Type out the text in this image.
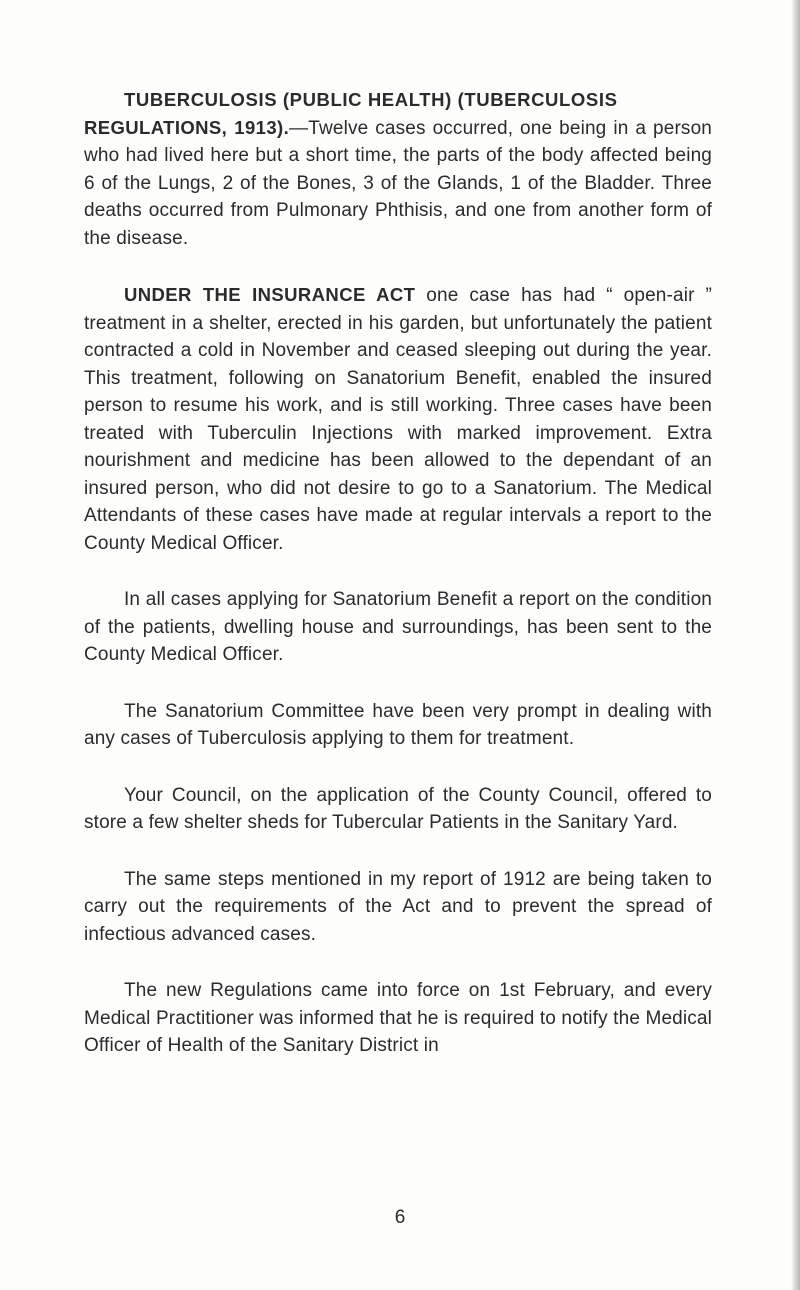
TUBERCULOSIS (PUBLIC HEALTH) (TUBERCULOSIS
REGULATIONS, 1913).—Twelve cases occurred, one being in a person who had lived here but a short time, the parts of the body affected being 6 of the Lungs, 2 of the Bones, 3 of the Glands, 1 of the Bladder. Three deaths occurred from Pulmonary Phthisis, and one from another form of the disease.

UNDER THE INSURANCE ACT one case has had “ open-air ” treatment in a shelter, erected in his garden, but unfortunately the patient contracted a cold in November and ceased sleeping out during the year. This treatment, following on Sanatorium Benefit, enabled the insured person to resume his work, and is still working. Three cases have been treated with Tuberculin Injections with marked improvement. Extra nourishment and medicine has been allowed to the dependant of an insured person, who did not desire to go to a Sanatorium. The Medical Attendants of these cases have made at regular intervals a report to the County Medical Officer.

In all cases applying for Sanatorium Benefit a report on the condition of the patients, dwelling house and surroundings, has been sent to the County Medical Officer.

The Sanatorium Committee have been very prompt in dealing with any cases of Tuberculosis applying to them for treatment.

Your Council, on the application of the County Council, offered to store a few shelter sheds for Tubercular Patients in the Sanitary Yard.

The same steps mentioned in my report of 1912 are being taken to carry out the requirements of the Act and to prevent the spread of infectious advanced cases.

The new Regulations came into force on 1st February, and every Medical Practitioner was informed that he is required to notify the Medical Officer of Health of the Sanitary District in

6
